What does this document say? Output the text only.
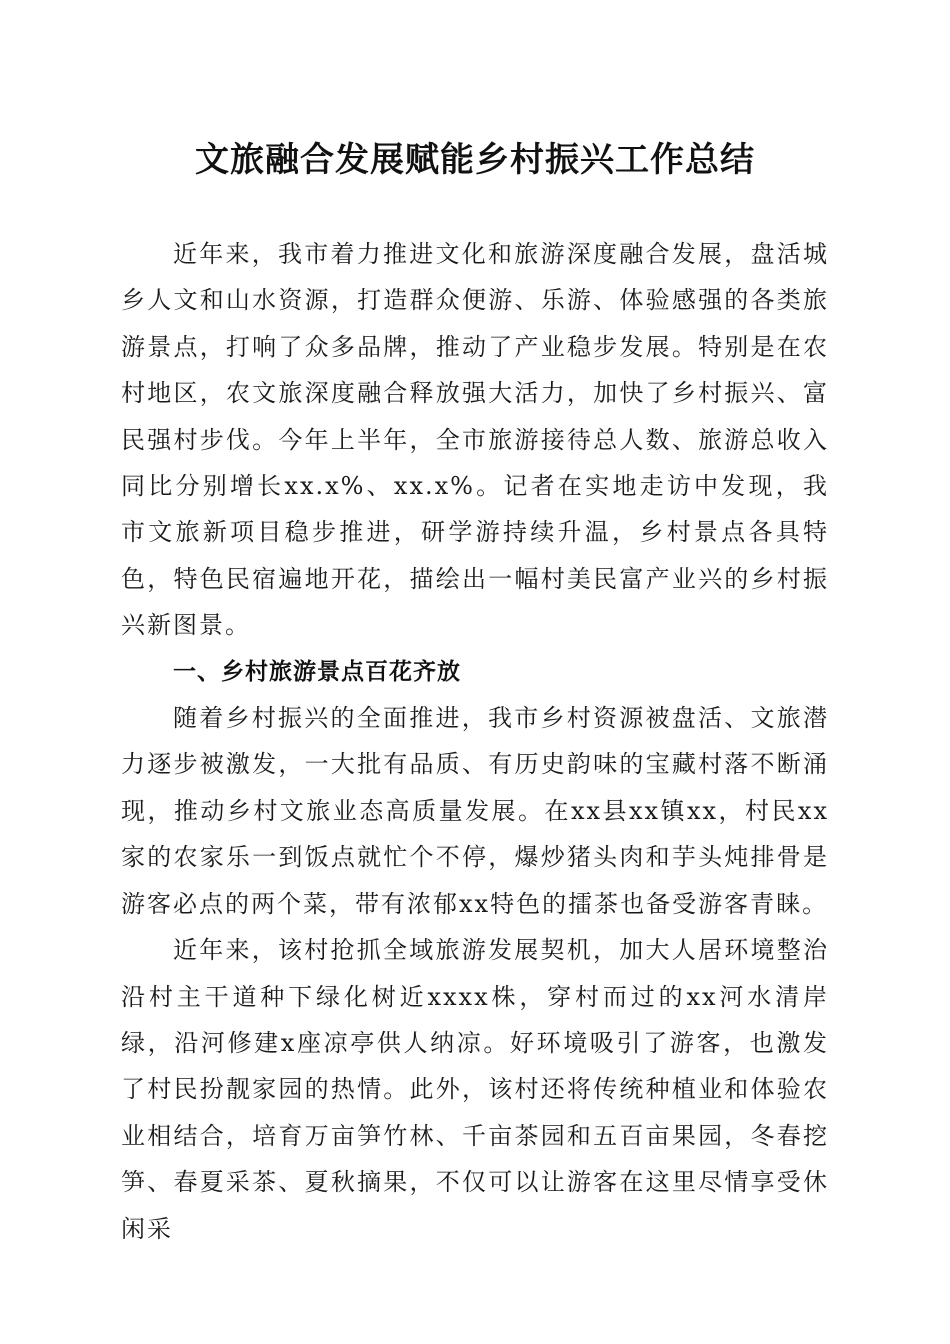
文旅融合发展赋能乡村振兴工作总结

近年来，我市着力推进文化和旅游深度融合发展，盘活城乡人文和山水资源，打造群众便游、乐游、体验感强的各类旅游景点，打响了众多品牌，推动了产业稳步发展。特别是在农村地区，农文旅深度融合释放强大活力，加快了乡村振兴、富民强村步伐。今年上半年，全市旅游接待总人数、旅游总收入同比分别增长xx.x%、xx.x%。记者在实地走访中发现，我市文旅新项目稳步推进，研学游持续升温，乡村景点各具特色，特色民宿遍地开花，描绘出一幅村美民富产业兴的乡村振兴新图景。

一、乡村旅游景点百花齐放

随着乡村振兴的全面推进，我市乡村资源被盘活、文旅潜力逐步被激发，一大批有品质、有历史韵味的宝藏村落不断涌现，推动乡村文旅业态高质量发展。在xx县xx镇xx，村民xx家的农家乐一到饭点就忙个不停，爆炒猪头肉和芋头炖排骨是游客必点的两个菜，带有浓郁xx特色的擂茶也备受游客青睐。

近年来，该村抢抓全域旅游发展契机，加大人居环境整治沿村主干道种下绿化树近xxxx株，穿村而过的xx河水清岸绿，沿河修建x座凉亭供人纳凉。好环境吸引了游客，也激发了村民扮靓家园的热情。此外，该村还将传统种植业和体验农业相结合，培育万亩笋竹林、千亩茶园和五百亩果园，冬春挖笋、春夏采茶、夏秋摘果，不仅可以让游客在这里尽情享受休闲采
